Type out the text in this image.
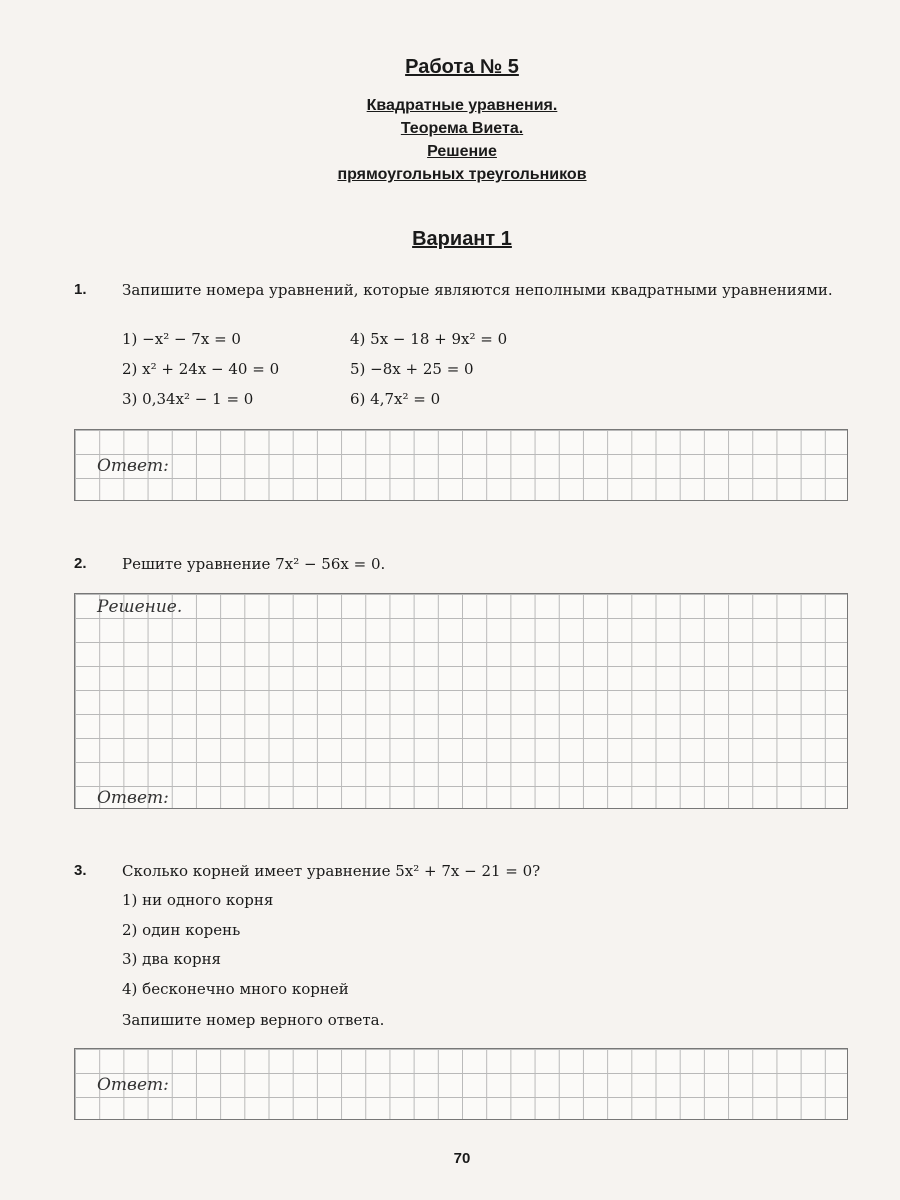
Работа № 5
Квадратные уравнения.
Теорема Виета.
Решение
прямоугольных треугольников
Вариант 1
1. Запишите номера уравнений, которые являются неполными квадратными уравнениями.
1) −x² − 7x = 0
2) x² + 24x − 40 = 0
3) 0,34x² − 1 = 0
4) 5x − 18 + 9x² = 0
5) −8x + 25 = 0
6) 4,7x² = 0
Ответ:
2. Решите уравнение 7x² − 56x = 0.
Решение.
Ответ:
3. Сколько корней имеет уравнение 5x² + 7x − 21 = 0?
1) ни одного корня
2) один корень
3) два корня
4) бесконечно много корней
Запишите номер верного ответа.
Ответ:
70
